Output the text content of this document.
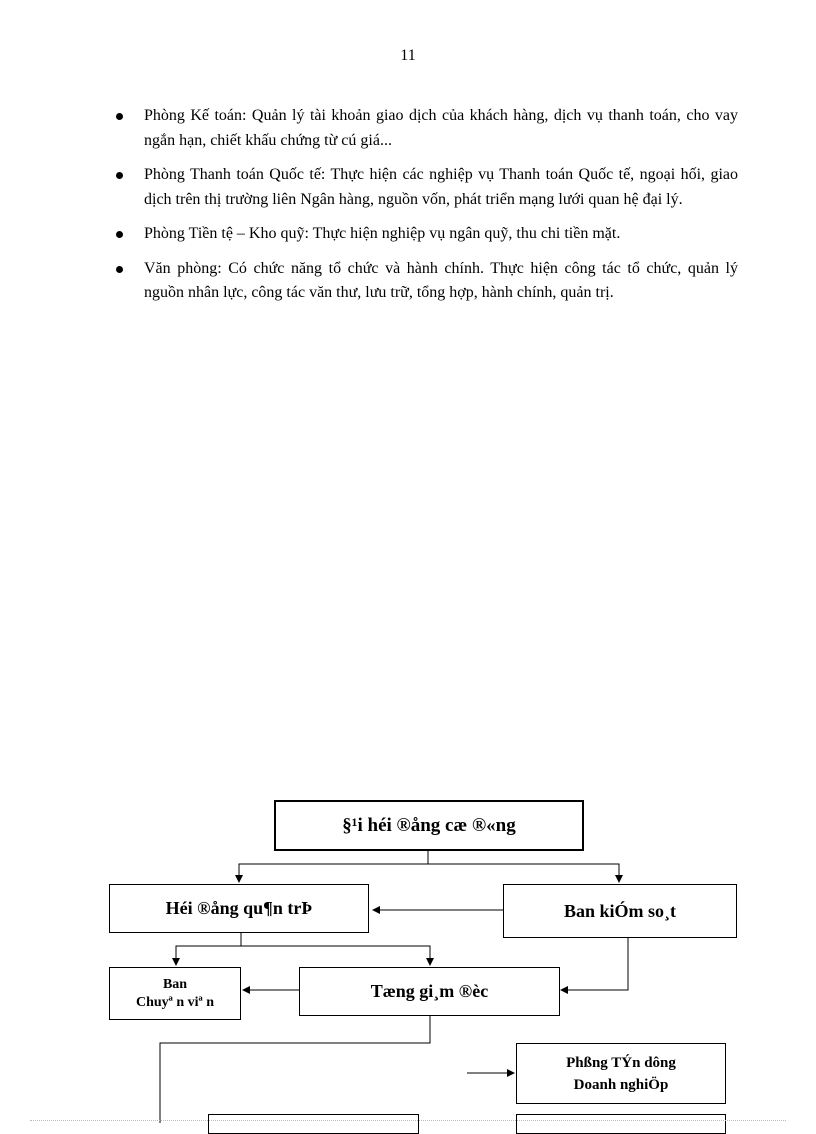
11
Phòng Kế toán: Quản lý tài khoản giao dịch của khách hàng, dịch vụ thanh toán, cho vay ngắn hạn, chiết khấu chứng từ cú giá...
Phòng Thanh toán Quốc tế: Thực hiện các nghiệp vụ Thanh toán Quốc tế, ngoại hối, giao dịch trên thị trường liên Ngân hàng, nguồn vốn, phát triển mạng lưới quan hệ đại lý.
Phòng Tiền tệ – Kho quỹ: Thực hiện nghiệp vụ ngân quỹ, thu chi tiền mặt.
Văn phòng: Có chức năng tổ chức và hành chính. Thực hiện công tác tổ chức, quản lý nguồn nhân lực, công tác văn thư, lưu trữ, tổng hợp, hành chính, quản trị.
§¹i héi ®ång cæ ®«ng
Héi ®ång qu¶n trÞ	Ban kiÓm so¸t
Ban
Chuyª n viª n
Tæng gi¸m ®èc
Phßng TÝn dông
Doanh nghiÖp
